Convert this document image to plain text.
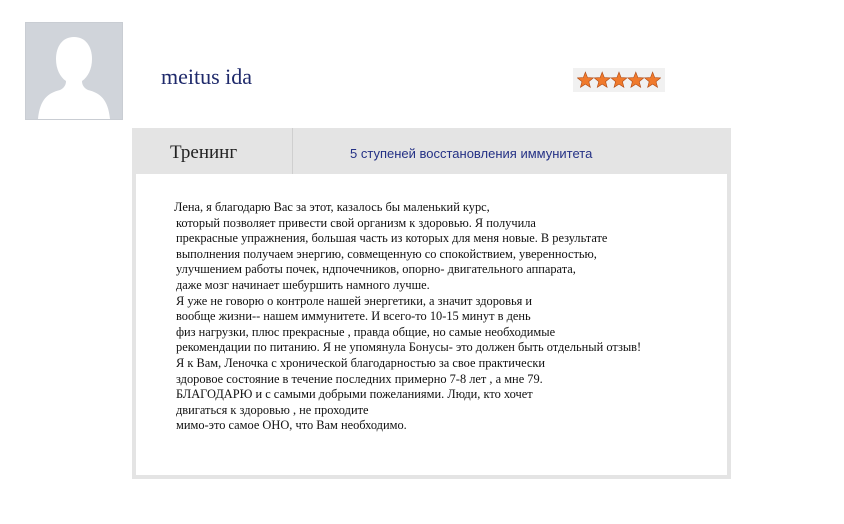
meitus ida
Тренинг	5 ступеней восстановления иммунитета
Лена, я благодарю Вас за этот, казалось бы маленький курс,
который позволяет привести свой организм к здоровью. Я получила
прекрасные упражнения, большая часть из которых для меня новые. В результате
выполнения получаем энергию, совмещенную со спокойствием, уверенностью,
улучшением работы почек, ндпочечников, опорно- двигательного аппарата,
даже мозг начинает шебуршить намного лучше.
Я уже не говорю о контроле нашей энергетики, а значит здоровья и
вообще жизни-- нашем иммунитете. И всего-то 10-15 минут в день
физ нагрузки, плюс прекрасные , правда общие, но самые необходимые
рекомендации по питанию. Я не упомянула Бонусы- это должен быть отдельный отзыв!
Я к Вам, Леночка с хронической благодарностью за свое практически
здоровое состояние в течение последних примерно 7-8 лет , а мне 79.
БЛАГОДАРЮ и с самыми добрыми пожеланиями. Люди, кто хочет
двигаться к здоровью , не проходите
мимо-это самое ОНО, что Вам необходимо.
